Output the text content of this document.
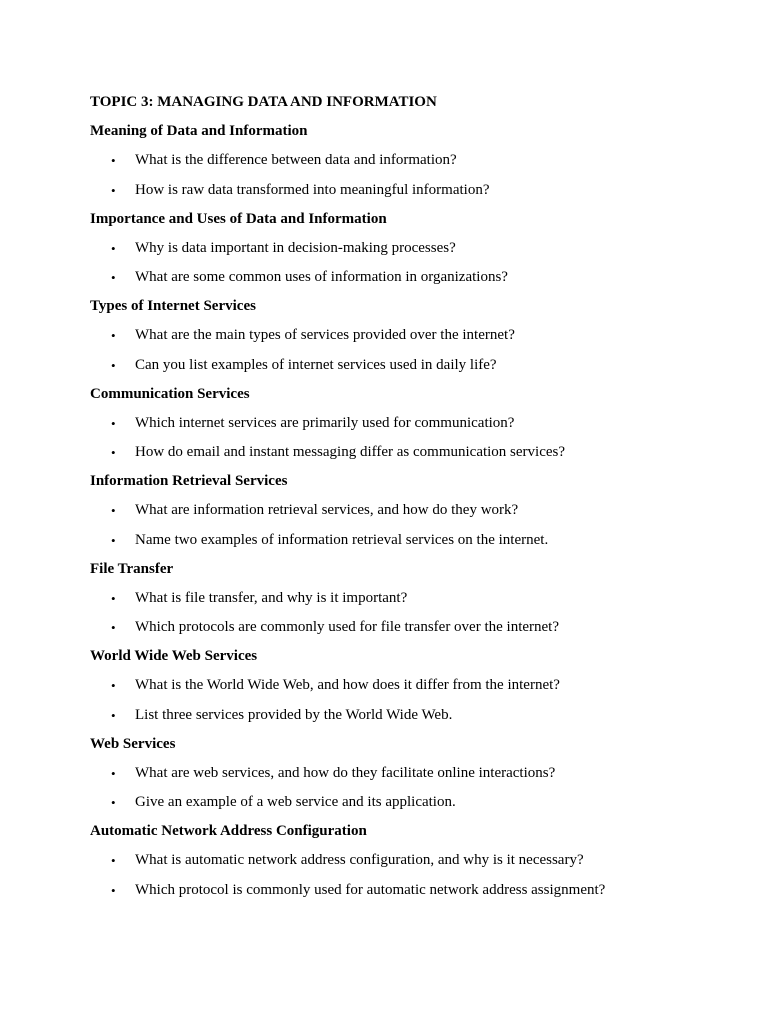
TOPIC 3: MANAGING DATA AND INFORMATION
Meaning of Data and Information
• What is the difference between data and information?
• How is raw data transformed into meaningful information?
Importance and Uses of Data and Information
• Why is data important in decision-making processes?
• What are some common uses of information in organizations?
Types of Internet Services
• What are the main types of services provided over the internet?
• Can you list examples of internet services used in daily life?
Communication Services
• Which internet services are primarily used for communication?
• How do email and instant messaging differ as communication services?
Information Retrieval Services
• What are information retrieval services, and how do they work?
• Name two examples of information retrieval services on the internet.
File Transfer
• What is file transfer, and why is it important?
• Which protocols are commonly used for file transfer over the internet?
World Wide Web Services
• What is the World Wide Web, and how does it differ from the internet?
• List three services provided by the World Wide Web.
Web Services
• What are web services, and how do they facilitate online interactions?
• Give an example of a web service and its application.
Automatic Network Address Configuration
• What is automatic network address configuration, and why is it necessary?
• Which protocol is commonly used for automatic network address assignment?
